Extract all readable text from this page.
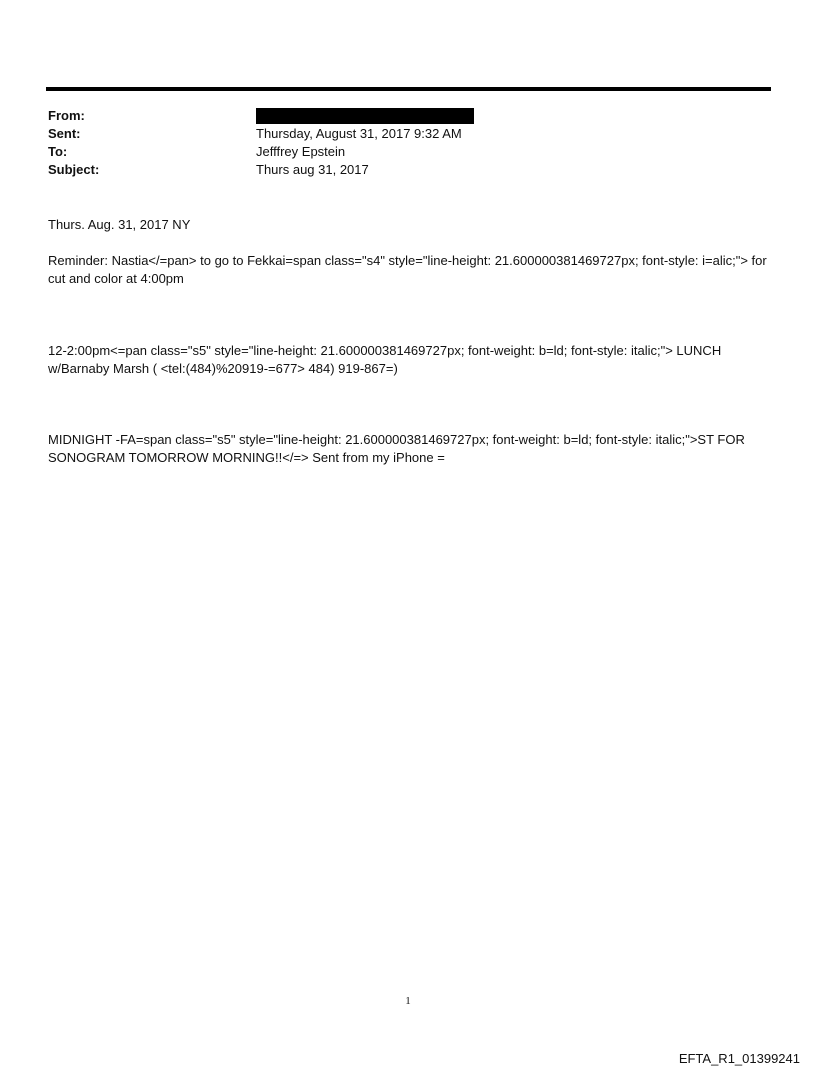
From:
Sent:	Thursday, August 31, 2017 9:32 AM
To:	Jefffrey Epstein
Subject:	Thurs aug 31, 2017
Thurs. Aug. 31, 2017 NY
Reminder: Nastia</=pan> to go to Fekkai=span class="s4" style="line-height: 21.600000381469727px; font-style: i=alic;"> for cut and color at 4:00pm
12-2:00pm<=pan class="s5" style="line-height: 21.600000381469727px; font-weight: b=ld; font-style: italic;"> LUNCH w/Barnaby Marsh ( <tel:(484)%20919-=677> 484) 919-867=)
MIDNIGHT -FA=span class="s5" style="line-height: 21.600000381469727px; font-weight: b=ld; font-style: italic;">ST FOR SONOGRAM TOMORROW MORNING!!</=> Sent from my iPhone =
1
EFTA_R1_01399241
